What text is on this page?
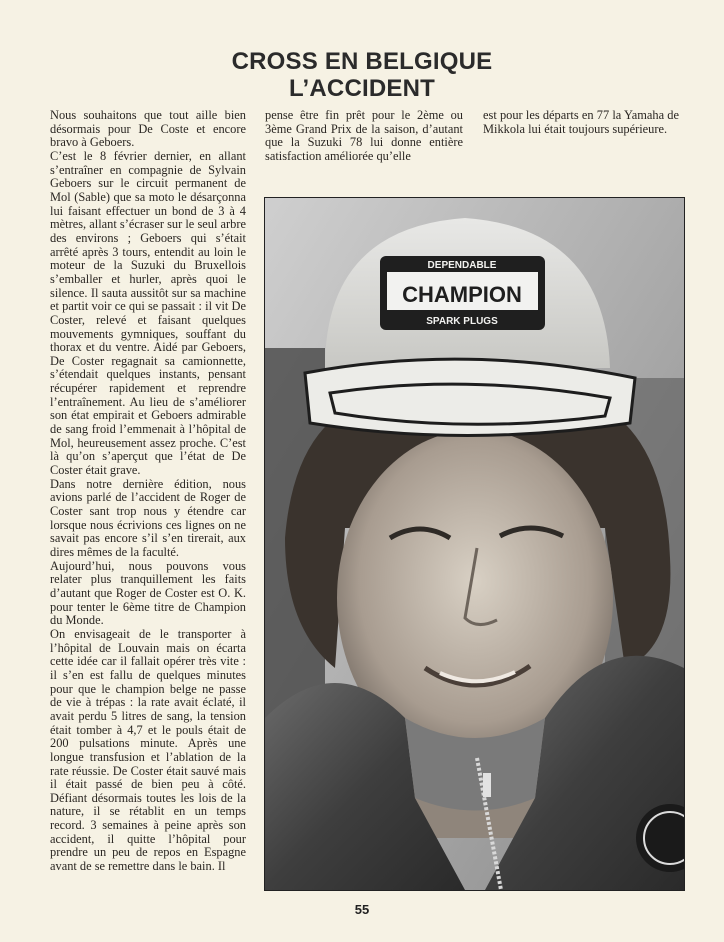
CROSS EN BELGIQUE
L’ACCIDENT

Nous souhaitons que tout aille bien désormais pour De Coste et encore bravo à Geboers.

C’est le 8 février dernier, en allant s’entraîner en compagnie de Sylvain Geboers sur le circuit permanent de Mol (Sable) que sa moto le désarçonna lui faisant effectuer un bond de 3 à 4 mètres, allant s’écraser sur le seul arbre des environs ; Geboers qui s’était arrêté après 3 tours, entendit au loin le moteur de la Suzuki du Bruxellois s’emballer et hurler, après quoi le silence. Il sauta aussitôt sur sa machine et partit voir ce qui se passait : il vit De Coster, relevé et faisant quelques mouvements gymniques, souffant du thorax et du ventre. Aidé par Geboers, De Coster regagnait sa camionnette, s’étendait quelques instants, pensant récupérer rapidement et reprendre l’entraînement. Au lieu de s’améliorer son état empirait et Geboers admirable de sang froid l’emmenait à l’hôpital de Mol, heureusement assez proche. C’est là qu’on s’aperçut que l’état de De Coster était grave.

Dans notre dernière édition, nous avions parlé de l’accident de Roger de Coster sant trop nous y étendre car lorsque nous écrivions ces lignes on ne savait pas encore s’il s’en tirerait, aux dires mêmes de la faculté.

Aujourd’hui, nous pouvons vous relater plus tranquillement les faits d’autant que Roger de Coster est O. K. pour tenter le 6ème titre de Champion du Monde.

On envisageait de le transporter à l’hôpital de Louvain mais on écarta cette idée car il fallait opérer très vite : il s’en est fallu de quelques minutes pour que le champion belge ne passe de vie à trépas : la rate avait éclaté, il avait perdu 5 litres de sang, la tension était tomber à 4,7 et le pouls était de 200 pulsations minute. Après une longue transfusion et l’ablation de la rate réussie. De Coster était sauvé mais il était passé de bien peu à côté. Défiant désormais toutes les lois de la nature, il se rétablit en un temps record. 3 semaines à peine après son accident, il quitte l’hôpital pour prendre un peu de repos en Espagne avant de se remettre dans le bain. Il

pense être fin prêt pour le 2ème ou 3ème Grand Prix de la saison, d’autant que la Suzuki 78 lui donne entière satisfaction améliorée qu’elle

est pour les départs en 77 la Yamaha de Mikkola lui était toujours supérieure.

DEPENDABLE
CHAMPION
SPARK PLUGS
55
